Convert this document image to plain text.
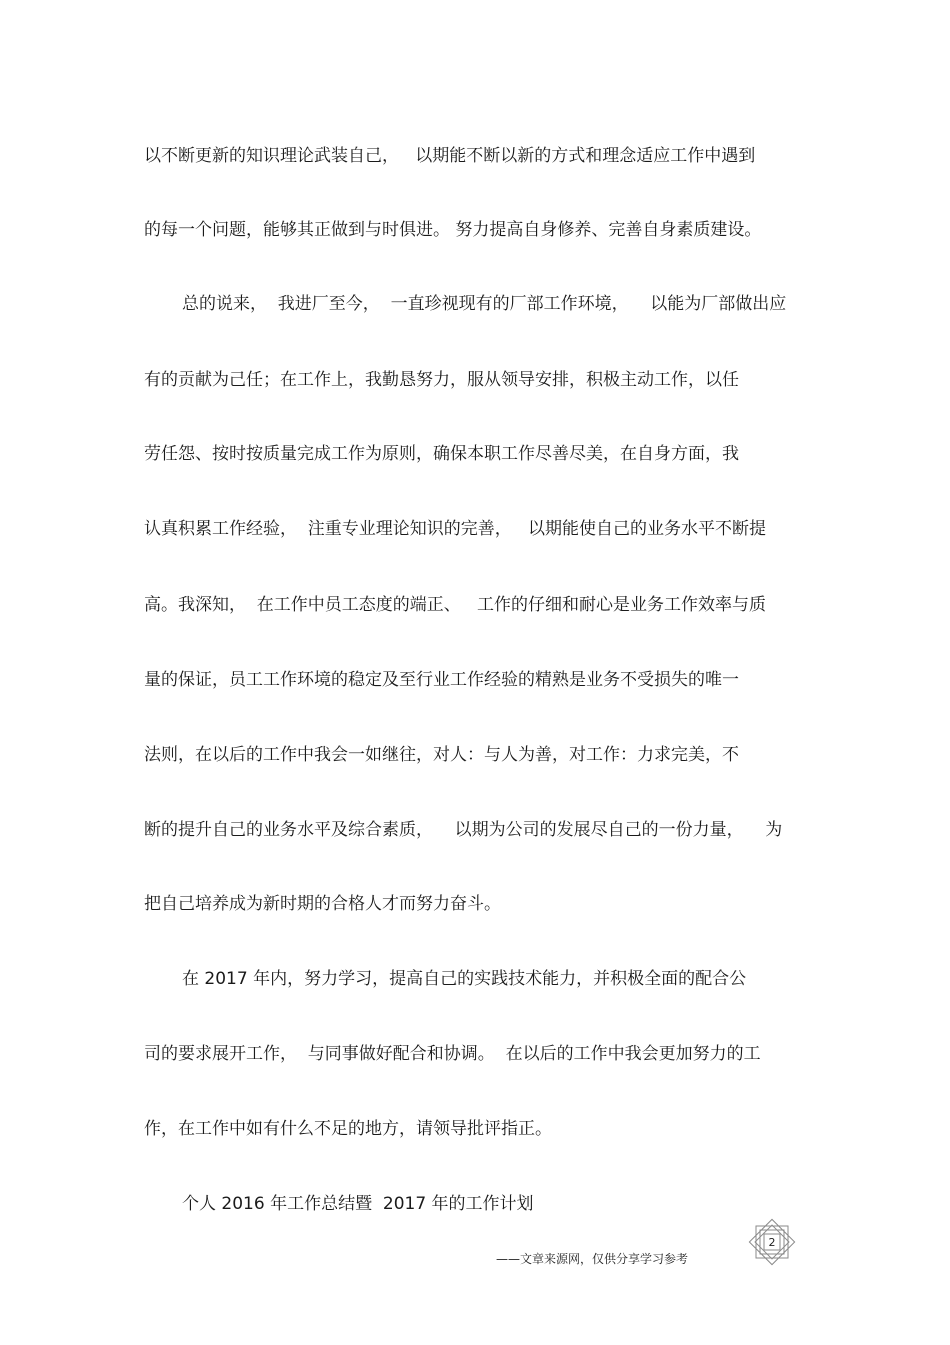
以不断更新的知识理论武装自己，   以期能不断以新的方式和理念适应工作中遇到
的每一个问题，能够其正做到与时俱进。 努力提高自身修养、完善自身素质建设。
总的说来，  我进厂至今，  一直珍视现有的厂部工作环境，    以能为厂部做出应
有的贡献为己任；在工作上，我勤恳努力，服从领导安排，积极主动工作，以任
劳任怨、按时按质量完成工作为原则，确保本职工作尽善尽美，在自身方面，我
认真积累工作经验，  注重专业理论知识的完善，   以期能使自己的业务水平不断提
高。我深知，  在工作中员工态度的端正、   工作的仔细和耐心是业务工作效率与质
量的保证，员工工作环境的稳定及至行业工作经验的精熟是业务不受损失的唯一
法则，在以后的工作中我会一如继往，对人：与人为善，对工作：力求完美，不
断的提升自己的业务水平及综合素质，    以期为公司的发展尽自己的一份力量，    为
把自己培养成为新时期的合格人才而努力奋斗。
在 2017 年内，努力学习，提高自己的实践技术能力，并积极全面的配合公
司的要求展开工作，  与同事做好配合和协调。  在以后的工作中我会更加努力的工
作，在工作中如有什么不足的地方，请领导批评指正。
个人 2016 年工作总结暨  2017 年的工作计划
2
——文章来源网，仅供分享学习参考
